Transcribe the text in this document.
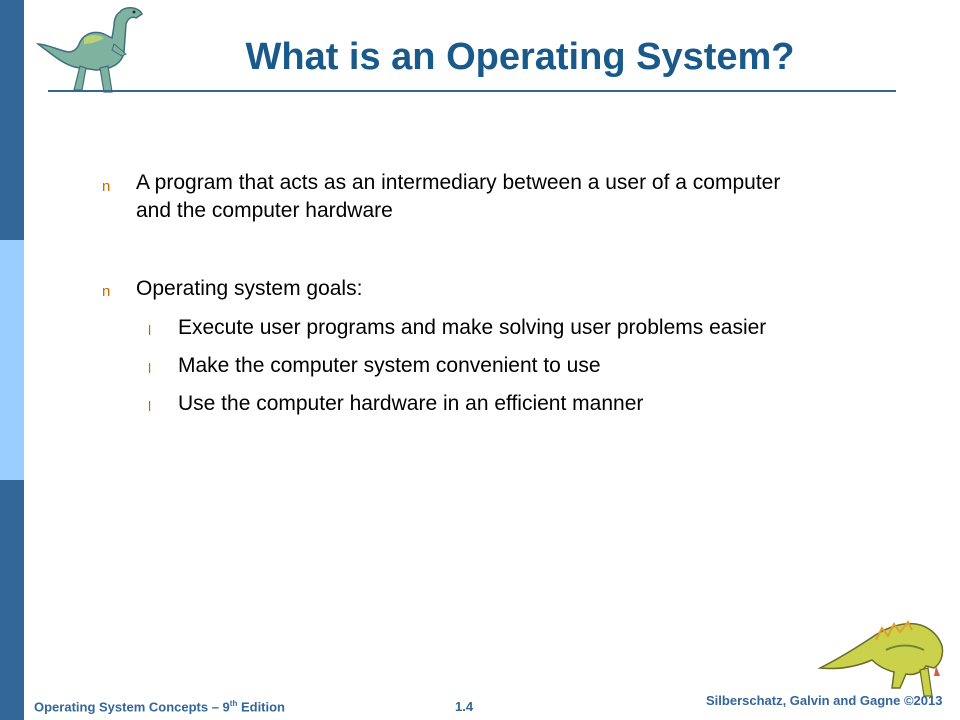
What is an Operating System?
n A program that acts as an intermediary between a user of a computer
and the computer hardware
n Operating system goals:
l Execute user programs and make solving user problems easier
l Make the computer system convenient to use
l Use the computer hardware in an efficient manner
Operating System Concepts – 9th Edition	1.4	Silberschatz, Galvin and Gagne ©2013
